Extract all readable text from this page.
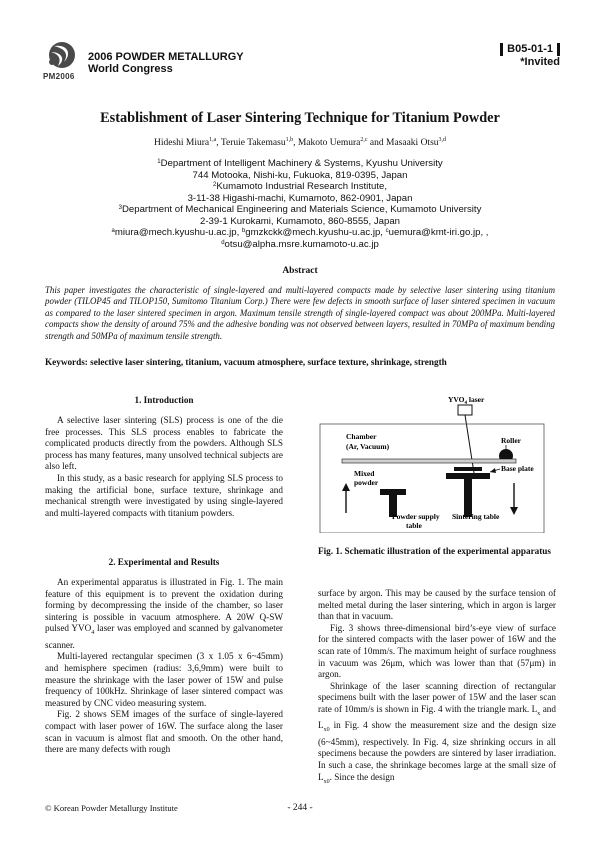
PM2006
2006 POWDER METALLURGY
World Congress
B05-01-1
*Invited
Establishment of Laser Sintering Technique for Titanium Powder
Hideshi Miura$^{1,a}$, Teruie Takemasu$^{1,b}$, Makoto Uemura$^{2,c}$ and Masaaki Otsu$^{3,d}$
$^1$Department of Intelligent Machinery & Systems, Kyushu University
744 Motooka, Nishi-ku, Fukuoka, 819-0395, Japan
$^2$Kumamoto Industrial Research Institute,
3-11-38 Higashi-machi, Kumamoto, 862-0901, Japan
$^3$Department of Mechanical Engineering and Materials Science, Kumamoto University
2-39-1 Kurokami, Kumamoto, 860-8555, Japan
$^a$miura@mech.kyushu-u.ac.jp, $^b$gmzkckk@mech.kyushu-u.ac.jp, $^c$uemura@kmt-iri.go.jp, ,
$^d$otsu@alpha.msre.kumamoto-u.ac.jp
Abstract
This paper investigates the characteristic of single-layered and multi-layered compacts made by selective laser sintering using titanium powder (TILOP45 and TILOP150, Sumitomo Titanium Corp.) There were few defects in smooth surface of laser sintered specimen in vacuum as compared to the laser sintered specimen in argon. Maximum tensile strength of single-layered compact was about 200MPa. Multi-layered compacts show the density of around 75% and the adhesive bonding was not observed between layers, resulted in 70MPa of maximum bending strength and 50MPa of maximum tensile strength.
Keywords: selective laser sintering, titanium, vacuum atmosphere, surface texture, shrinkage, strength
1. Introduction

A selective laser sintering (SLS) process is one of the die free processes. This SLS process enables to fabricate the complicated products directly from the powders. Although SLS process has many features, many unsolved technical subjects are also left.

In this study, as a basic research for applying SLS process to making the artificial bone, surface texture, shrinkage and mechanical strength were investigated by using single-layered and multi-layered compacts with titanium powders.

2. Experimental and Results

An experimental apparatus is illustrated in Fig. 1. The main feature of this equipment is to prevent the oxidation during forming by decompressing the inside of the chamber, so laser sintering is possible in vacuum atmosphere. A 20W Q-SW pulsed $YVO_4$ laser was employed and scanned by galvanometer scanner.

Multi-layered rectangular specimen (3 x 1.05 x 6~45mm) and hemisphere specimen (radius: 3,6,9mm) were built to measure the shrinkage with the laser power of 15W and pulse frequency of 100kHz. Shrinkage of laser sintered compact was measured by CNC video measuring system.

Fig. 2 shows SEM images of the surface of single-layered compact with laser power of 16W. The surface along the laser scan in vacuum is almost flat and smooth. On the other hand, there are many defects with rough

$YVO_4$ laser
Chamber
(Ar, Vacuum)
Roller
Mixed
powder
Base plate
Powder supply
table
Sintering table
Fig. 1. Schematic illustration of the experimental apparatus

surface by argon. This may be caused by the surface tension of melted metal during the laser sintering, which in argon is larger than that in vacuum.

Fig. 3 shows three-dimensional bird’s-eye view of surface for the sintered compacts with the laser power of 16W and the scan rate of 10mm/s. The maximum height of surface roughness in vacuum was 26μm, which was lower than that (57μm) in argon.

Shrinkage of the laser scanning direction of rectangular specimens built with the laser power of 15W and the laser scan rate of 10mm/s is shown in Fig. 4 with the triangle mark. $L_x$ and $L_{x0}$ in Fig. 4 show the measurement size and the design size (6~45mm), respectively. In Fig. 4, size shrinking occurs in all specimens because the powders are sintered by laser irradiation. In such a case, the shrinkage becomes large at the small size of $L_{x0}$. Since the design

© Korean Powder Metallurgy Institute	- 244 -
